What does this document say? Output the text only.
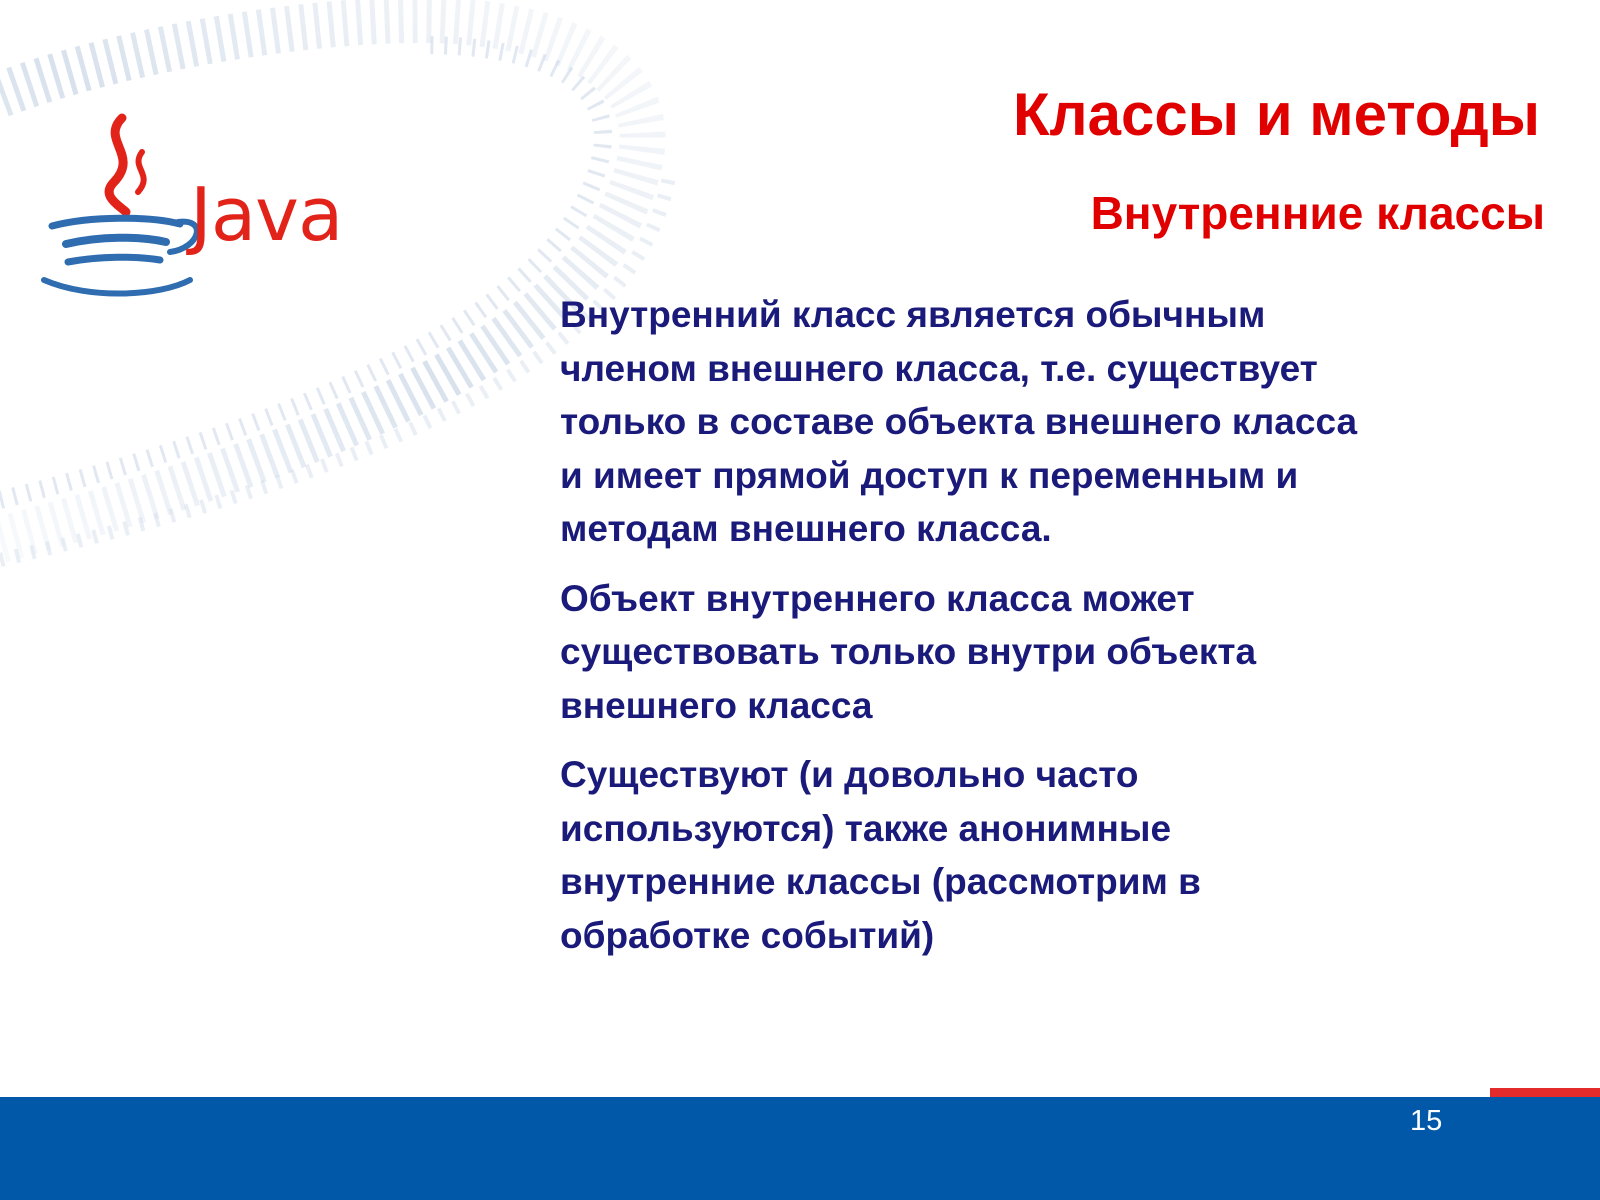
Java
Классы и методы
Внутренние классы
Внутренний класс является обычным
членом внешнего класса, т.е. существует
только в составе объекта внешнего класса
и имеет прямой доступ к переменным и
методам внешнего класса.
Объект внутреннего класса может
существовать только внутри объекта
внешнего класса
Существуют (и довольно часто
используются) также анонимные
внутренние классы (рассмотрим в
обработке событий)
15
